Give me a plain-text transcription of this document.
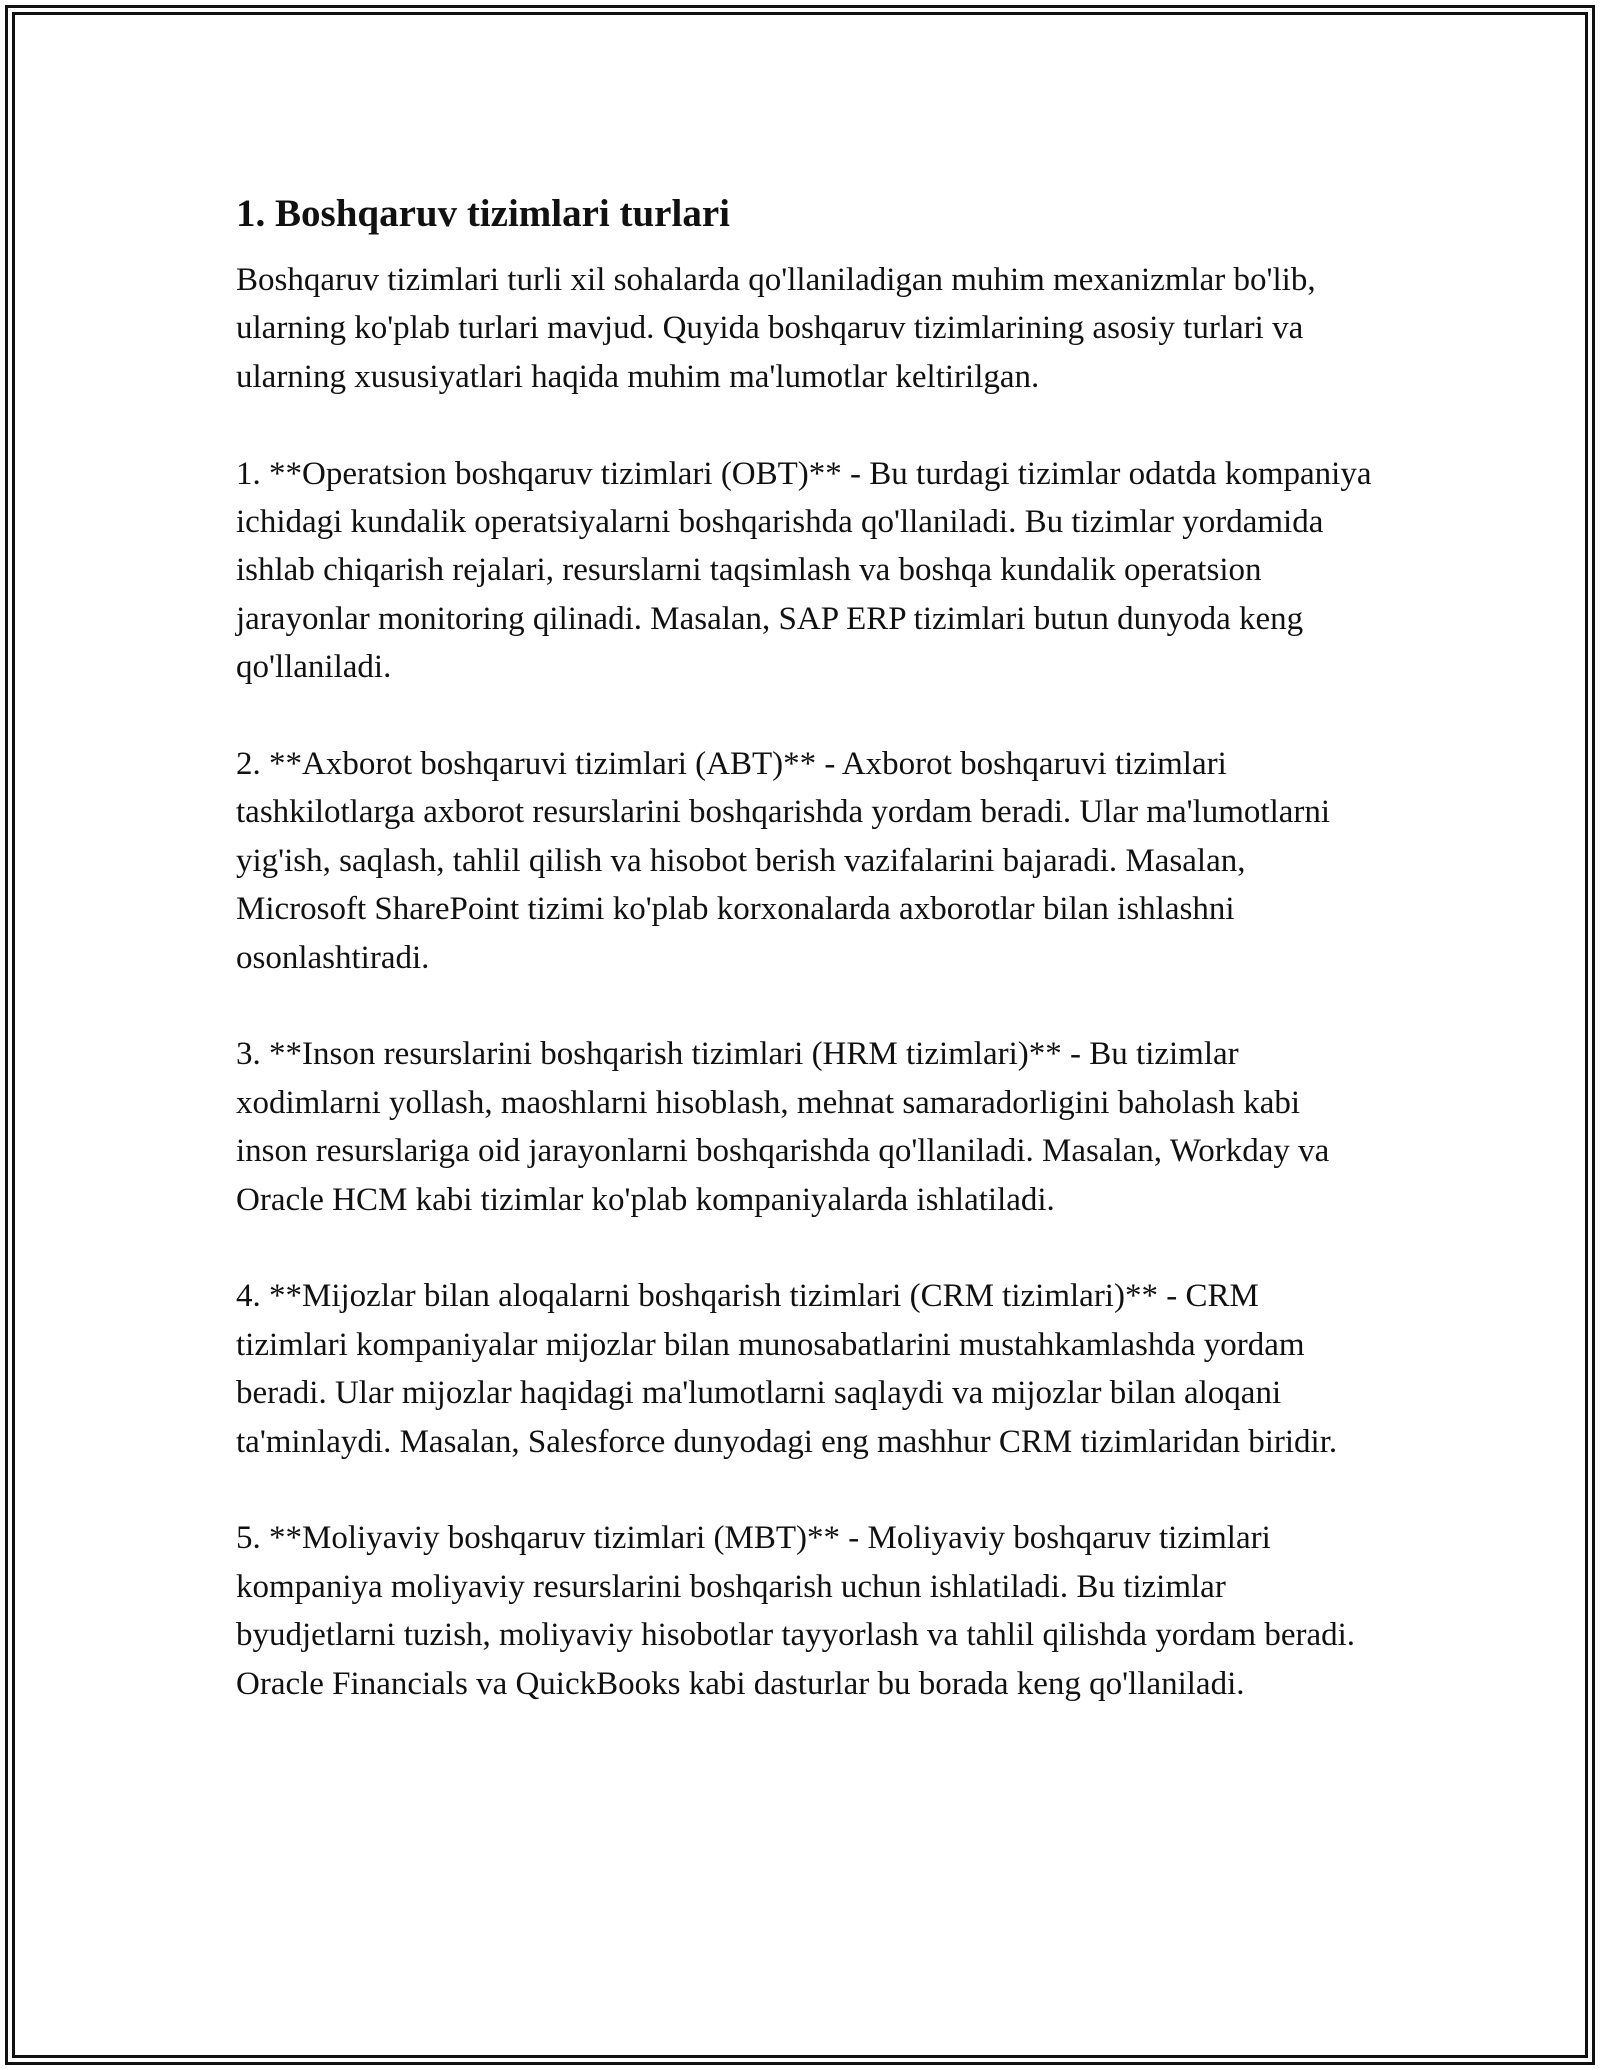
1. Boshqaruv tizimlari turlari

Boshqaruv tizimlari turli xil sohalarda qo'llaniladigan muhim mexanizmlar bo'lib, ularning ko'plab turlari mavjud. Quyida boshqaruv tizimlarining asosiy turlari va ularning xususiyatlari haqida muhim ma'lumotlar keltirilgan.

1. **Operatsion boshqaruv tizimlari (OBT)** - Bu turdagi tizimlar odatda kompaniya ichidagi kundalik operatsiyalarni boshqarishda qo'llaniladi. Bu tizimlar yordamida ishlab chiqarish rejalari, resurslarni taqsimlash va boshqa kundalik operatsion jarayonlar monitoring qilinadi. Masalan, SAP ERP tizimlari butun dunyoda keng qo'llaniladi.

2. **Axborot boshqaruvi tizimlari (ABT)** - Axborot boshqaruvi tizimlari tashkilotlarga axborot resurslarini boshqarishda yordam beradi. Ular ma'lumotlarni yig'ish, saqlash, tahlil qilish va hisobot berish vazifalarini bajaradi. Masalan, Microsoft SharePoint tizimi ko'plab korxonalarda axborotlar bilan ishlashni osonlashtiradi.

3. **Inson resurslarini boshqarish tizimlari (HRM tizimlari)** - Bu tizimlar xodimlarni yollash, maoshlarni hisoblash, mehnat samaradorligini baholash kabi inson resurslariga oid jarayonlarni boshqarishda qo'llaniladi. Masalan, Workday va Oracle HCM kabi tizimlar ko'plab kompaniyalarda ishlatiladi.

4. **Mijozlar bilan aloqalarni boshqarish tizimlari (CRM tizimlari)** - CRM tizimlari kompaniyalar mijozlar bilan munosabatlarini mustahkamlashda yordam beradi. Ular mijozlar haqidagi ma'lumotlarni saqlaydi va mijozlar bilan aloqani ta'minlaydi. Masalan, Salesforce dunyodagi eng mashhur CRM tizimlaridan biridir.

5. **Moliyaviy boshqaruv tizimlari (MBT)** - Moliyaviy boshqaruv tizimlari kompaniya moliyaviy resurslarini boshqarish uchun ishlatiladi. Bu tizimlar byudjetlarni tuzish, moliyaviy hisobotlar tayyorlash va tahlil qilishda yordam beradi. Oracle Financials va QuickBooks kabi dasturlar bu borada keng qo'llaniladi.
